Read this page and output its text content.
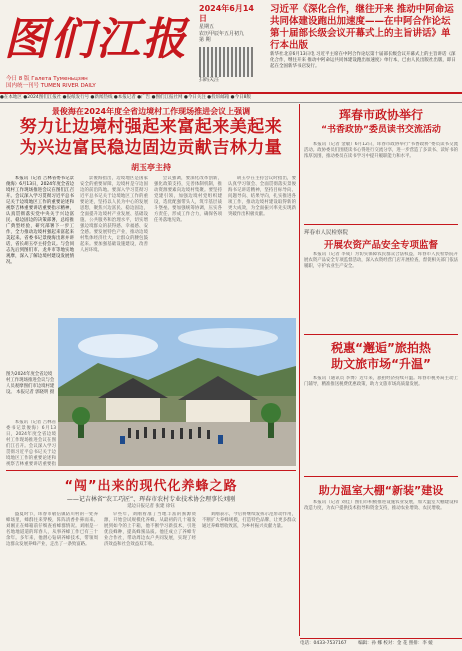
图们江报
今日 8 版 Галета Туменьцзян
国内统一刊号 TUMEN RIVER DAILY
2024年6月14日
星期五
农历甲辰年五月初九
第 期
扫码关注
习近平《深化合作，继往开来 推动中阿命运共同体建设跑出加速度——在中阿合作论坛第十届部长级会议开幕式上的主旨讲话》单行本出版
新华社北京6月13日电 习近平主席在中阿合作论坛第十届部长级会议开幕式上的主旨讲话《深化合作，继往开来 推动中阿命运共同体建设跑出加速度》单行本，已由人民出版社出版，即日起在全国新华书店发行。
●在本地区 ●2024图们江报社 ●报纸发行号 ●新闻热线 ●本报记者 ●广告 ●图们江报社网 ●今日关注 ●投诉邮箱 ●今日8版
景俊海在2024年度全省边境村工作现场推进会议上强调
努力让边境村强起来富起来美起来
为兴边富民稳边固边贡献吉林力量
胡玉亭主持

本报讯（记者 吉林省委书记景俊海）6月13日，2024年度全省边境村工作现场推进会议在图们江召开。会议深入学习贯彻习近平总书记关于边境地区工作的重要论述和视察吉林重要讲话重要指示精神，认真贯彻落实党中央关于兴边富民、稳边固边的决策部署，总结推广典型经验，研究部署下一步工作，全力推动边境村强起来富起来美起来。省委书记景俊海出席并讲话，省长胡玉亭主持会议。与会同志先后到图们市、龙井市等地实地观摩，深入了解边境村建设发展情况。

景俊海指出，边境地区是国家安全的重要屏障，边境村是守边固边的前沿阵地。要深入学习贯彻习近平总书记关于边境地区工作的重要论述，坚持以人民为中心的发展思想，聚焦兴边富民、稳边固边，全面提升边境村产业发展、基础设施、公共服务和治理水平，切实增强边境群众的获得感、幸福感、安全感。要发展特色产业，推动边境村集体经济壮大，让群众的腰包鼓起来。要加强基础设施建设，改善人居环境。

会议强调，要深化改革创新，强化政策支持，完善体制机制，推动资源要素向边境村集聚。要坚持党建引领，加强边境村党组织建设，选优配强带头人，筑牢基层战斗堡垒。要加强统筹协调，压实各方责任，形成工作合力，确保各项任务落地见效。

胡玉亭在主持会议时指出，要认真学习领会、全面贯彻落实景俊海书记讲话精神，坚持目标导向、问题导向、结果导向，扎实推进各项工作，推动边境村建设取得新的更大成效，为全面振兴率先实现新突破作出积极贡献。

图为2024年度全省边境村工作现场推进会议与会人员观摩图们市边境村建设。 本报记者 郭晓明 摄

本报讯（记者 吉林省委书记景俊海）6月13日，2024年度全省边境村工作现场推进会议在图们江召开。会议深入学习贯彻习近平总书记关于边境地区工作的重要论述和视察吉林重要讲话重要指

“闯”出来的现代化养蜂之路
——记吉林省“农工巧匠”、珲春市农村专业技术协会理事长刘刚
延边日报记者 张建 徐钰

盛夏时节，珲春市敬信镇防川村的一处养蜂场里，蜂群往来穿梭，阵阵清香扑鼻而来。刘刚正在蜂箱前仔细查看蜂群情况。刘刚是一名地地道道的珲春人，从事养蜂工作已有三十余年。多年来，他潜心钻研养蜂技术，带领周边群众发展养蜂产业，走出了一条致富路。

早些年，刘刚看准了当地丰富的蜜源资源，开始尝试规模化养蜂。从最初的几十箱发展到如今的上千箱，他不断学习新技术，引进优良蜂种，提高蜂蜜品质。他还成立了养蜂专业合作社，带动周边农户共同发展，实现了经济效益和社会效益双丰收。

刘刚表示，今后将继续发挥示范带动作用，不断扩大养蜂规模，打造特色品牌，让更多群众通过养蜂增收致富，为乡村振兴贡献力量。

珲春市政协举行
“书香政协”委员读书交流活动

本报讯（记者 金敏）6月12日，珲春市政协举行“书香政协”委员读书交流活动。政协委员们围绕读书心得进行交流分享，进一步营造了多读书、读好书的浓厚氛围，推动委员在读书学习中提升履职能力和水平。

珲春市人民检察院
开展农资产品安全专项监督

本报讯（记者 李成）为切实保障农民群众合法权益，珲春市人民检察院开展农资产品安全专项监督活动，深入农资经营门店开展检查，督促相关部门依法履职，守护农业生产安全。

税惠“邂逅”旅拍热
助文旅市场“升温”

本报讯（通讯员 李博）近年来，旅拍经济持续升温。珲春市税务局主动上门辅导，精准推送税费优惠政策，助力文旅市场高质量发展。

助力温室大棚“新装”建设

本报讯（记者 刘佳）图们市积极推进设施农业发展，加大温室大棚建设和改造力度，为农户提供技术指导和资金支持，推动农业增效、农民增收。

电话：0433-7537167	编辑：孙 娜 校对：金 花 照排：李 媛
